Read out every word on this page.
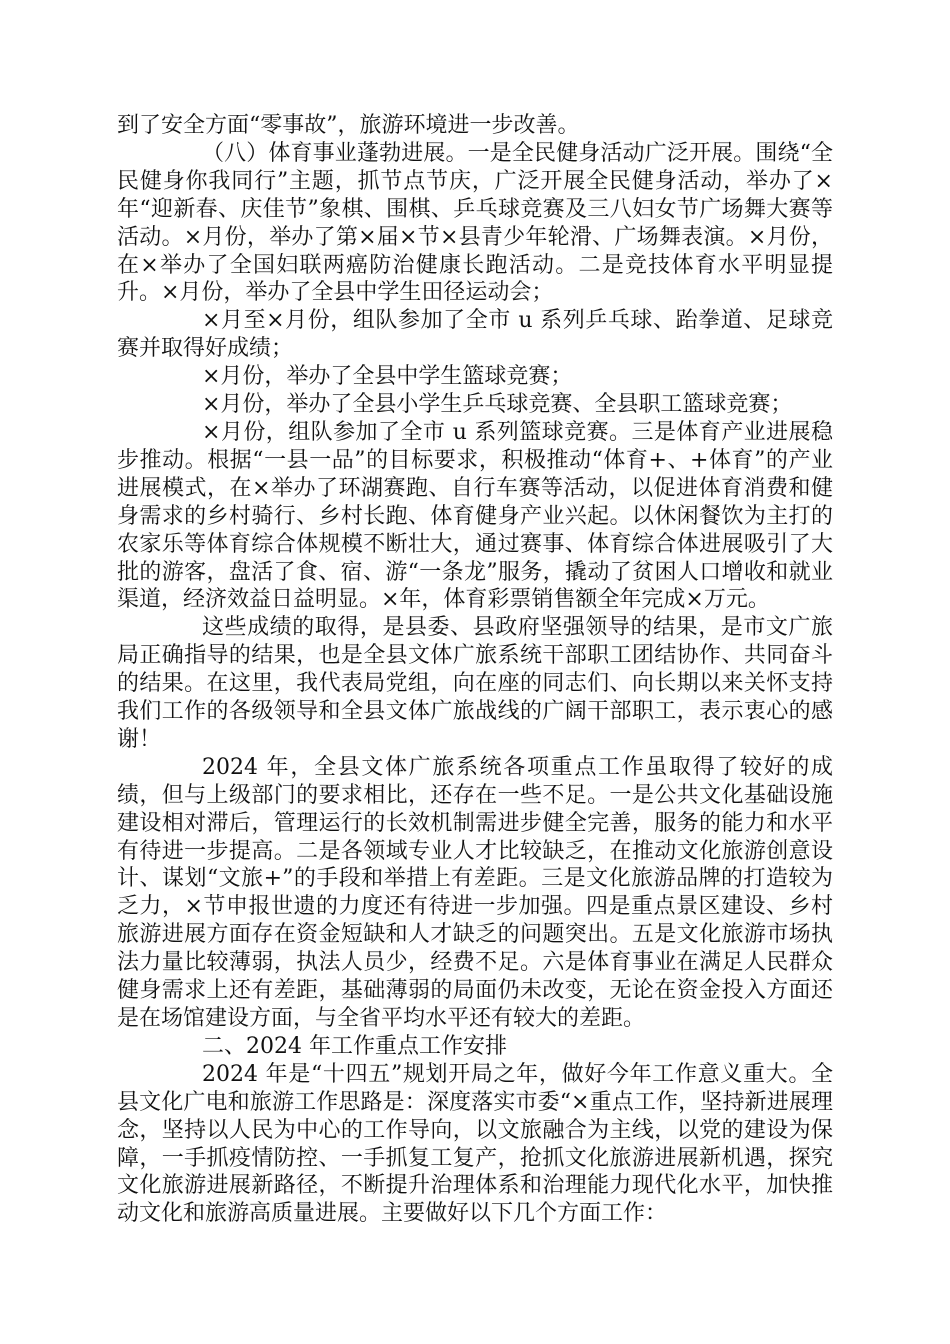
到了安全方面“零事故”，旅游环境进一步改善。

（八）体育事业蓬勃进展。一是全民健身活动广泛开展。围绕“全民健身你我同行”主题，抓节点节庆，广泛开展全民健身活动，举办了×年“迎新春、庆佳节”象棋、围棋、乒乓球竞赛及三八妇女节广场舞大赛等活动。×月份，举办了第×届×节×县青少年轮滑、广场舞表演。×月份，在×举办了全国妇联两癌防治健康长跑活动。二是竞技体育水平明显提升。×月份，举办了全县中学生田径运动会；

×月至×月份，组队参加了全市 u 系列乒乓球、跆拳道、足球竞赛并取得好成绩；

×月份，举办了全县中学生篮球竞赛；

×月份，举办了全县小学生乒乓球竞赛、全县职工篮球竞赛；

×月份，组队参加了全市 u 系列篮球竞赛。三是体育产业进展稳步推动。根据“一县一品”的目标要求，积极推动“体育+、+体育”的产业进展模式，在×举办了环湖赛跑、自行车赛等活动，以促进体育消费和健身需求的乡村骑行、乡村长跑、体育健身产业兴起。以休闲餐饮为主打的农家乐等体育综合体规模不断壮大，通过赛事、体育综合体进展吸引了大批的游客，盘活了食、宿、游“一条龙”服务，撬动了贫困人口增收和就业渠道，经济效益日益明显。×年，体育彩票销售额全年完成×万元。

这些成绩的取得，是县委、县政府坚强领导的结果，是市文广旅局正确指导的结果，也是全县文体广旅系统干部职工团结协作、共同奋斗的结果。在这里，我代表局党组，向在座的同志们、向长期以来关怀支持我们工作的各级领导和全县文体广旅战线的广阔干部职工，表示衷心的感谢！

2024 年，全县文体广旅系统各项重点工作虽取得了较好的成绩，但与上级部门的要求相比，还存在一些不足。一是公共文化基础设施建设相对滞后，管理运行的长效机制需进步健全完善，服务的能力和水平有待进一步提高。二是各领域专业人才比较缺乏，在推动文化旅游创意设计、谋划“文旅+”的手段和举措上有差距。三是文化旅游品牌的打造较为乏力，×节申报世遗的力度还有待进一步加强。四是重点景区建设、乡村旅游进展方面存在资金短缺和人才缺乏的问题突出。五是文化旅游市场执法力量比较薄弱，执法人员少，经费不足。六是体育事业在满足人民群众健身需求上还有差距，基础薄弱的局面仍未改变，无论在资金投入方面还是在场馆建设方面，与全省平均水平还有较大的差距。

二、2024 年工作重点工作安排

2024 年是“十四五”规划开局之年，做好今年工作意义重大。全县文化广电和旅游工作思路是：深度落实市委“×重点工作，坚持新进展理念，坚持以人民为中心的工作导向，以文旅融合为主线，以党的建设为保障，一手抓疫情防控、一手抓复工复产，抢抓文化旅游进展新机遇，探究文化旅游进展新路径，不断提升治理体系和治理能力现代化水平，加快推动文化和旅游高质量进展。主要做好以下几个方面工作：
